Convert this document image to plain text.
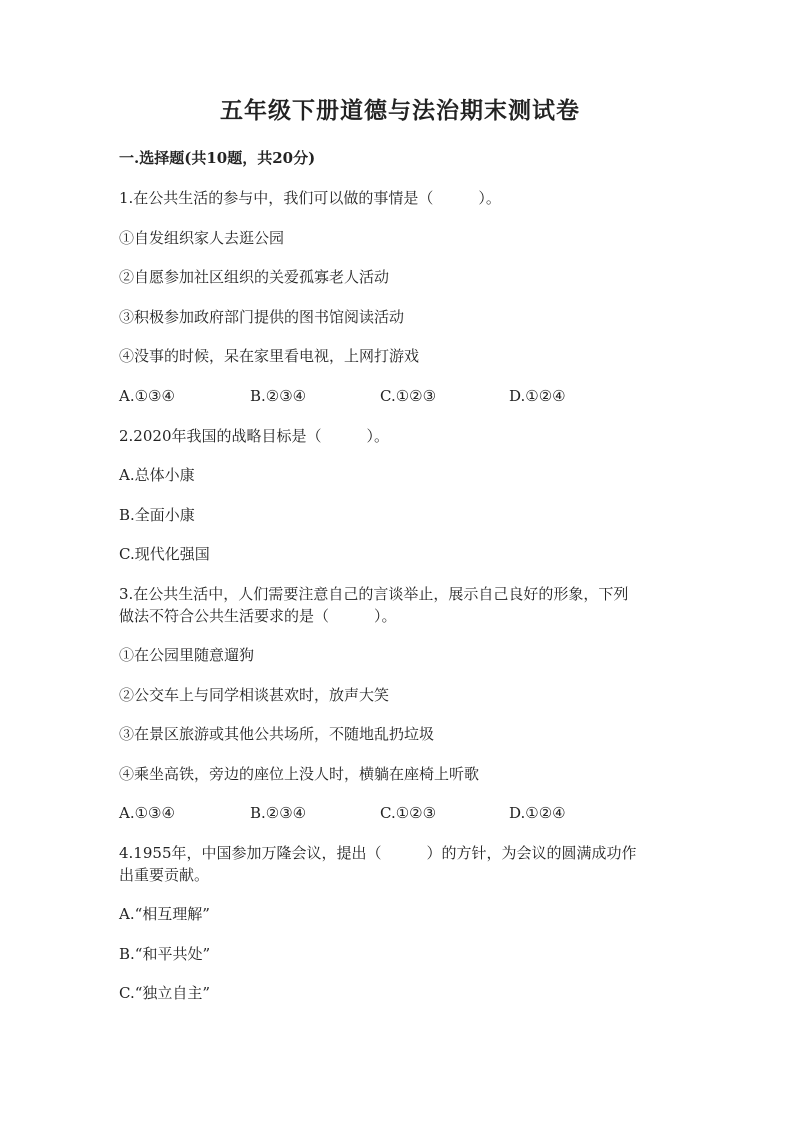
五年级下册道德与法治期末测试卷
一.选择题(共10题，共20分)
1.在公共生活的参与中，我们可以做的事情是（　　　）。
①自发组织家人去逛公园
②自愿参加社区组织的关爱孤寡老人活动
③积极参加政府部门提供的图书馆阅读活动
④没事的时候，呆在家里看电视，上网打游戏
A.①③④	B.②③④	C.①②③	D.①②④
2.2020年我国的战略目标是（　　　）。
A.总体小康
B.全面小康
C.现代化强国
3.在公共生活中，人们需要注意自己的言谈举止，展示自己良好的形象，下列
做法不符合公共生活要求的是（　　　）。
①在公园里随意遛狗
②公交车上与同学相谈甚欢时，放声大笑
③在景区旅游或其他公共场所，不随地乱扔垃圾
④乘坐高铁，旁边的座位上没人时，横躺在座椅上听歌
A.①③④	B.②③④	C.①②③	D.①②④
4.1955年，中国参加万隆会议，提出（　　　）的方针，为会议的圆满成功作
出重要贡献。
A.“相互理解”
B.“和平共处”
C.“独立自主”
